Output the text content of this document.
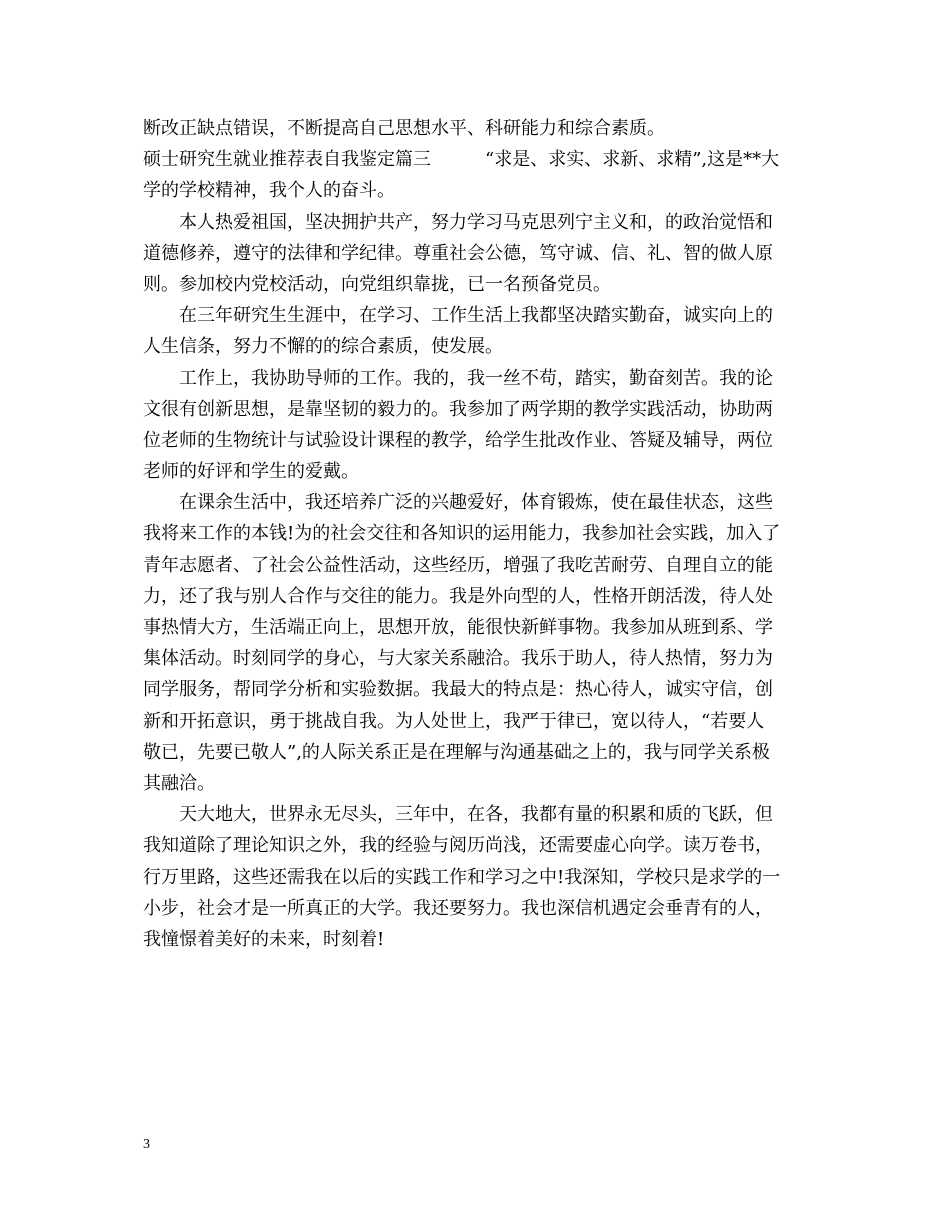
断改正缺点错误，不断提高自己思想水平、科研能力和综合素质。
硕士研究生就业推荐表自我鉴定篇三　　　“求是、求实、求新、求精”,这是**大
学的学校精神，我个人的奋斗。
本人热爱祖国，坚决拥护共产，努力学习马克思列宁主义和，的政治觉悟和
道德修养，遵守的法律和学纪律。尊重社会公德，笃守诚、信、礼、智的做人原
则。参加校内党校活动，向党组织靠拢，已一名预备党员。
在三年研究生生涯中，在学习、工作生活上我都坚决踏实勤奋，诚实向上的
人生信条，努力不懈的的综合素质，使发展。
工作上，我协助导师的工作。我的，我一丝不苟，踏实，勤奋刻苦。我的论
文很有创新思想，是靠坚韧的毅力的。我参加了两学期的教学实践活动，协助两
位老师的生物统计与试验设计课程的教学，给学生批改作业、答疑及辅导，两位
老师的好评和学生的爱戴。
在课余生活中，我还培养广泛的兴趣爱好，体育锻炼，使在最佳状态，这些
我将来工作的本钱!为的社会交往和各知识的运用能力，我参加社会实践，加入了
青年志愿者、了社会公益性活动，这些经历，增强了我吃苦耐劳、自理自立的能
力，还了我与别人合作与交往的能力。我是外向型的人，性格开朗活泼，待人处
事热情大方，生活端正向上，思想开放，能很快新鲜事物。我参加从班到系、学
集体活动。时刻同学的身心，与大家关系融洽。我乐于助人，待人热情，努力为
同学服务，帮同学分析和实验数据。我最大的特点是：热心待人，诚实守信，创
新和开拓意识，勇于挑战自我。为人处世上，我严于律已，宽以待人，“若要人
敬已，先要已敬人”,的人际关系正是在理解与沟通基础之上的，我与同学关系极
其融洽。
天大地大，世界永无尽头，三年中，在各，我都有量的积累和质的飞跃，但
我知道除了理论知识之外，我的经验与阅历尚浅，还需要虚心向学。读万卷书，
行万里路，这些还需我在以后的实践工作和学习之中!我深知，学校只是求学的一
小步，社会才是一所真正的大学。我还要努力。我也深信机遇定会垂青有的人，
我憧憬着美好的未来，时刻着!
3
